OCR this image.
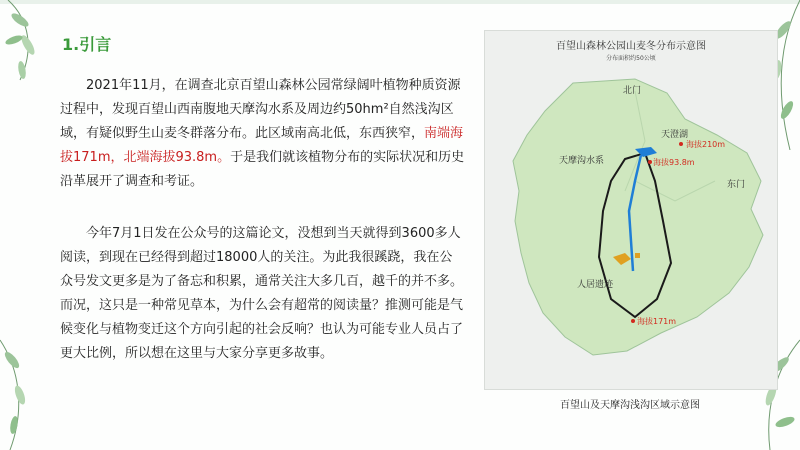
1.引言

2021年11月，在调查北京百望山森林公园常绿阔叶植物种质资源过程中，发现百望山西南腹地天摩沟水系及周边约50hm²自然浅沟区域，有疑似野生山麦冬群落分布。此区域南高北低，东西狭窄，南端海拔171m，北端海拔93.8m。于是我们就该植物分布的实际状况和历史沿革展开了调查和考证。

今年7月1日发在公众号的这篇论文，没想到当天就得到3600多人阅读，到现在已经得到超过18000人的关注。为此我很蹊跷，我在公众号发文更多是为了备忘和积累，通常关注大多几百，越千的并不多。而况，这只是一种常见草本，为什么会有超常的阅读量？推测可能是气候变化与植物变迁这个方向引起的社会反响？也认为可能专业人员占了更大比例，所以想在这里与大家分享更多故事。

北门
东门
天澄湖
天摩沟水系
人居遗迹
海拔210m
海拔93.8m
海拔171m
百望山森林公园山麦冬分布示意图
分布面积约50公顷
百望山及天摩沟浅沟区域示意图
